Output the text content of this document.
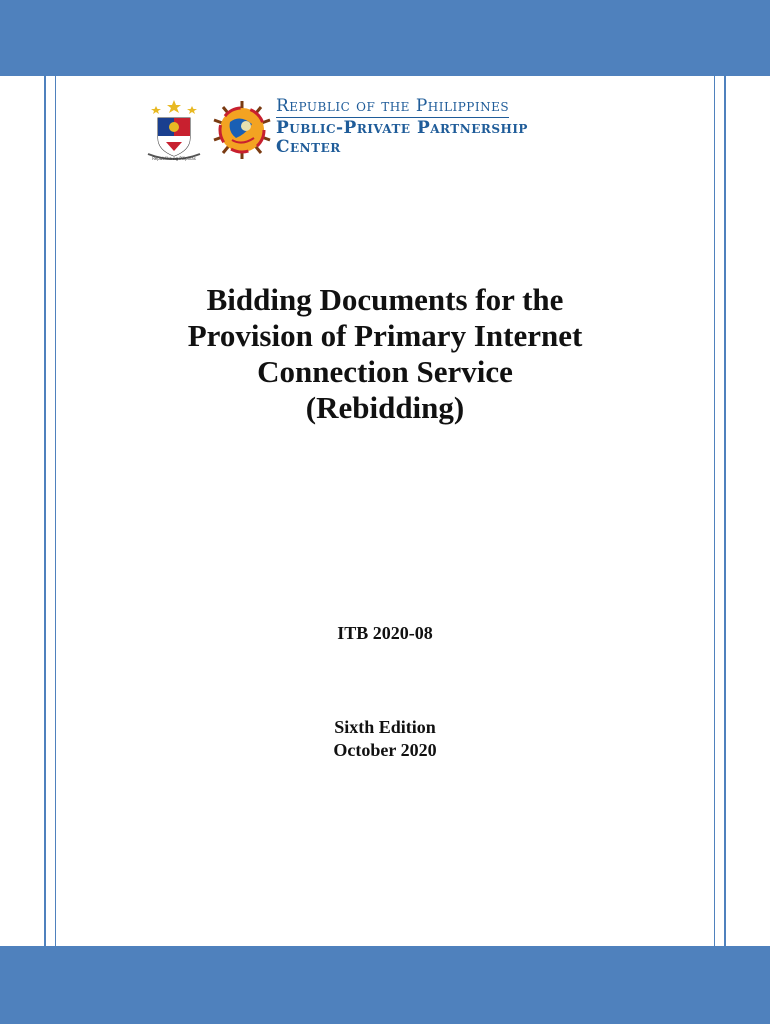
Republika ng Pilipinas
Republic of the Philippines
Public-Private Partnership
Center
Bidding Documents for the
Provision of Primary Internet
Connection Service
(Rebidding)
ITB 2020-08
Sixth Edition
October 2020
